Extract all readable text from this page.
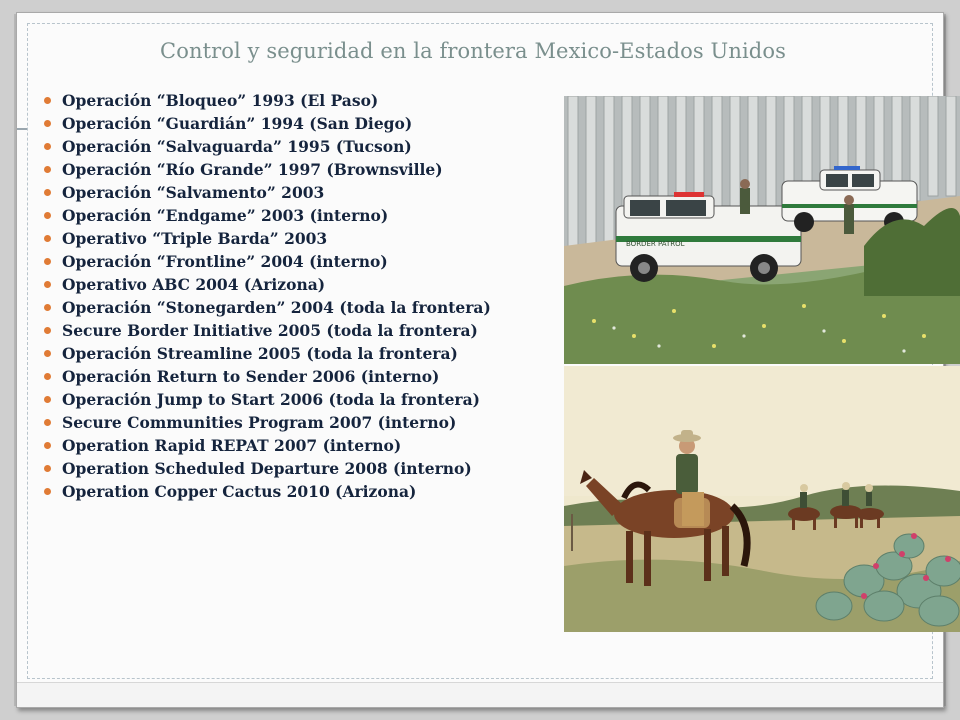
Control y seguridad en la frontera Mexico-Estados Unidos
Operación “Bloqueo” 1993 (El Paso)
Operación “Guardián” 1994 (San Diego)
Operación “Salvaguarda” 1995 (Tucson)
Operación “Río Grande” 1997 (Brownsville)
Operación “Salvamento” 2003
Operación “Endgame” 2003 (interno)
Operativo “Triple Barda” 2003
Operación “Frontline” 2004 (interno)
Operativo ABC 2004 (Arizona)
Operación “Stonegarden” 2004 (toda la frontera)
Secure Border Initiative 2005 (toda la frontera)
Operación Streamline 2005 (toda la frontera)
Operación Return to Sender 2006 (interno)
Operación Jump to Start 2006 (toda la frontera)
Secure Communities Program 2007 (interno)
Operation Rapid REPAT 2007 (interno)
Operation Scheduled Departure 2008 (interno)
Operation Copper Cactus 2010 (Arizona)
BORDER PATROL
